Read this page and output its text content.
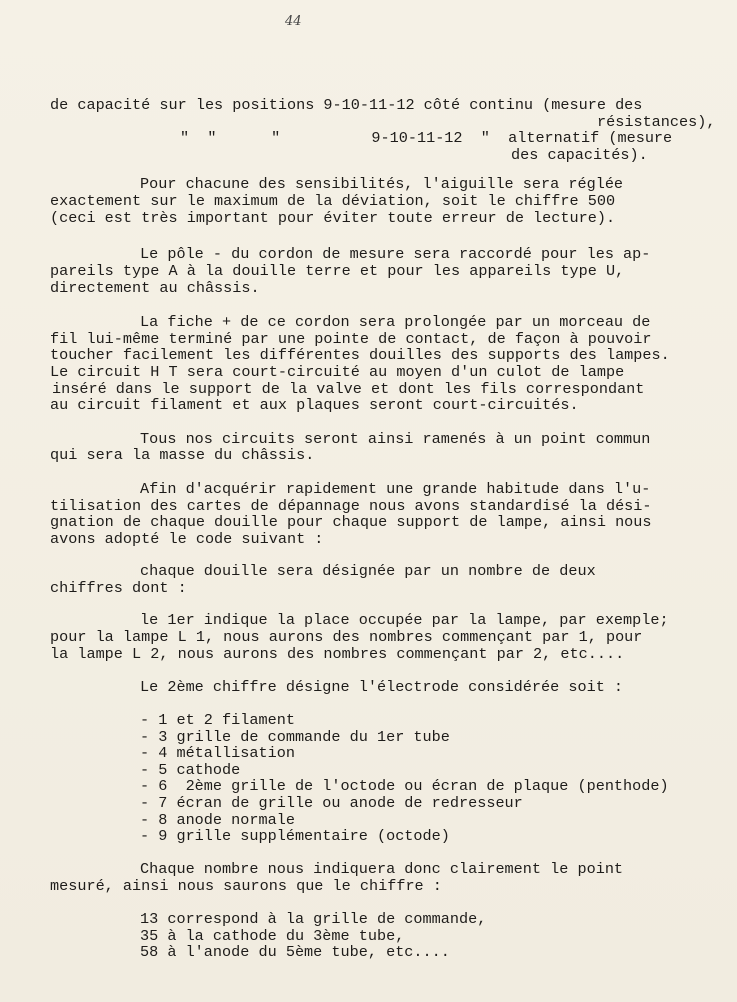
44
de capacité sur les positions 9-10-11-12 côté continu (mesure des
résistances),
"  "      "          9-10-11-12  "  alternatif (mesure
des capacités).
Pour chacune des sensibilités, l'aiguille sera réglée
exactement sur le maximum de la déviation, soit le chiffre 500
(ceci est très important pour éviter toute erreur de lecture).
Le pôle - du cordon de mesure sera raccordé pour les ap-
pareils type A à la douille terre et pour les appareils type U,
directement au châssis.
La fiche + de ce cordon sera prolongée par un morceau de
fil lui-même terminé par une pointe de contact, de façon à pouvoir
toucher facilement les différentes douilles des supports des lampes.
Le circuit H T sera court-circuité au moyen d'un culot de lampe
inséré dans le support de la valve et dont les fils correspondant
au circuit filament et aux plaques seront court-circuités.
Tous nos circuits seront ainsi ramenés à un point commun
qui sera la masse du châssis.
Afin d'acquérir rapidement une grande habitude dans l'u-
tilisation des cartes de dépannage nous avons standardisé la dési-
gnation de chaque douille pour chaque support de lampe, ainsi nous
avons adopté le code suivant :
chaque douille sera désignée par un nombre de deux
chiffres dont :
le 1er indique la place occupée par la lampe, par exemple;
pour la lampe L 1, nous aurons des nombres commençant par 1, pour
la lampe L 2, nous aurons des nombres commençant par 2, etc....
Le 2ème chiffre désigne l'électrode considérée soit :
- 1 et 2 filament
- 3 grille de commande du 1er tube
- 4 métallisation
- 5 cathode
- 6  2ème grille de l'octode ou écran de plaque (penthode)
- 7 écran de grille ou anode de redresseur
- 8 anode normale
- 9 grille supplémentaire (octode)
Chaque nombre nous indiquera donc clairement le point
mesuré, ainsi nous saurons que le chiffre :
13 correspond à la grille de commande,
35 à la cathode du 3ème tube,
58 à l'anode du 5ème tube, etc....
